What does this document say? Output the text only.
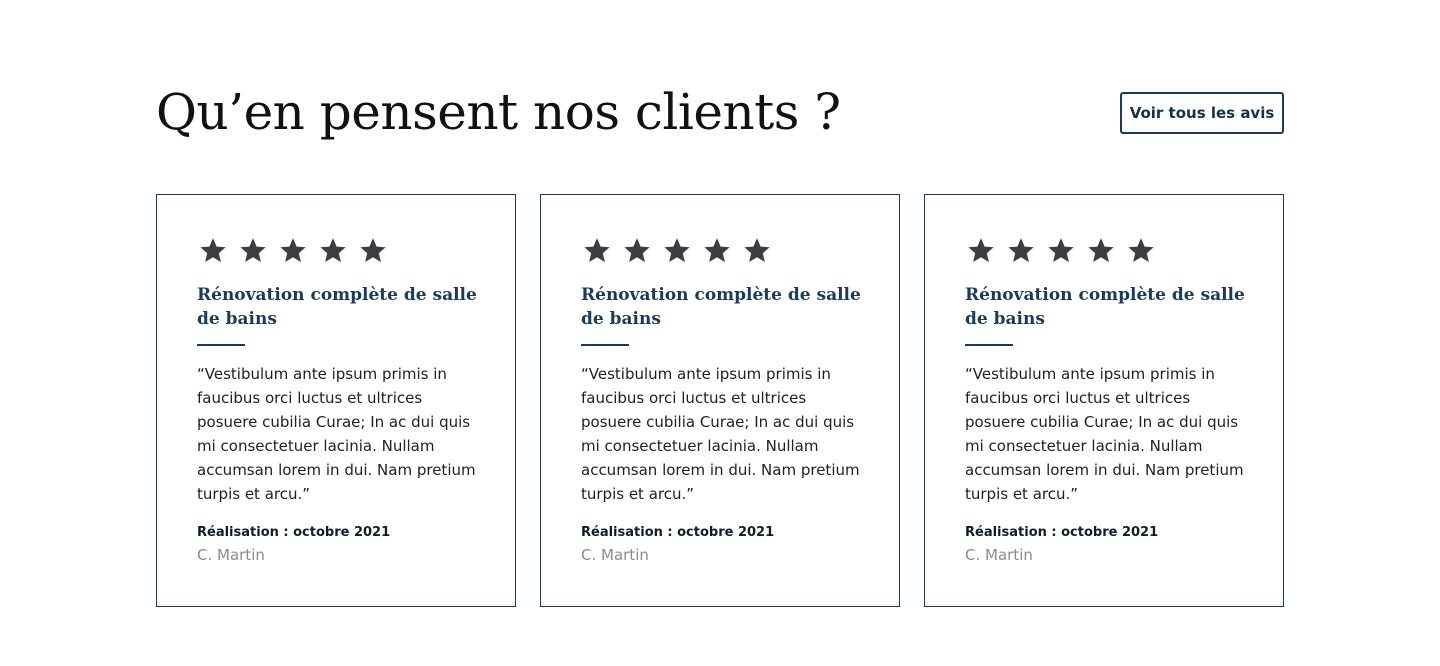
Qu’en pensent nos clients ?	Voir tous les avis
Rénovation complète de salle de bains

“Vestibulum ante ipsum primis in faucibus orci luctus et ultrices posuere cubilia Curae; In ac dui quis mi consectetuer lacinia. Nullam accumsan lorem in dui. Nam pretium turpis et arcu.”

Réalisation : octobre 2021

C. Martin

Rénovation complète de salle de bains

“Vestibulum ante ipsum primis in faucibus orci luctus et ultrices posuere cubilia Curae; In ac dui quis mi consectetuer lacinia. Nullam accumsan lorem in dui. Nam pretium turpis et arcu.”

Réalisation : octobre 2021

C. Martin

Rénovation complète de salle de bains

“Vestibulum ante ipsum primis in faucibus orci luctus et ultrices posuere cubilia Curae; In ac dui quis mi consectetuer lacinia. Nullam accumsan lorem in dui. Nam pretium turpis et arcu.”

Réalisation : octobre 2021

C. Martin
